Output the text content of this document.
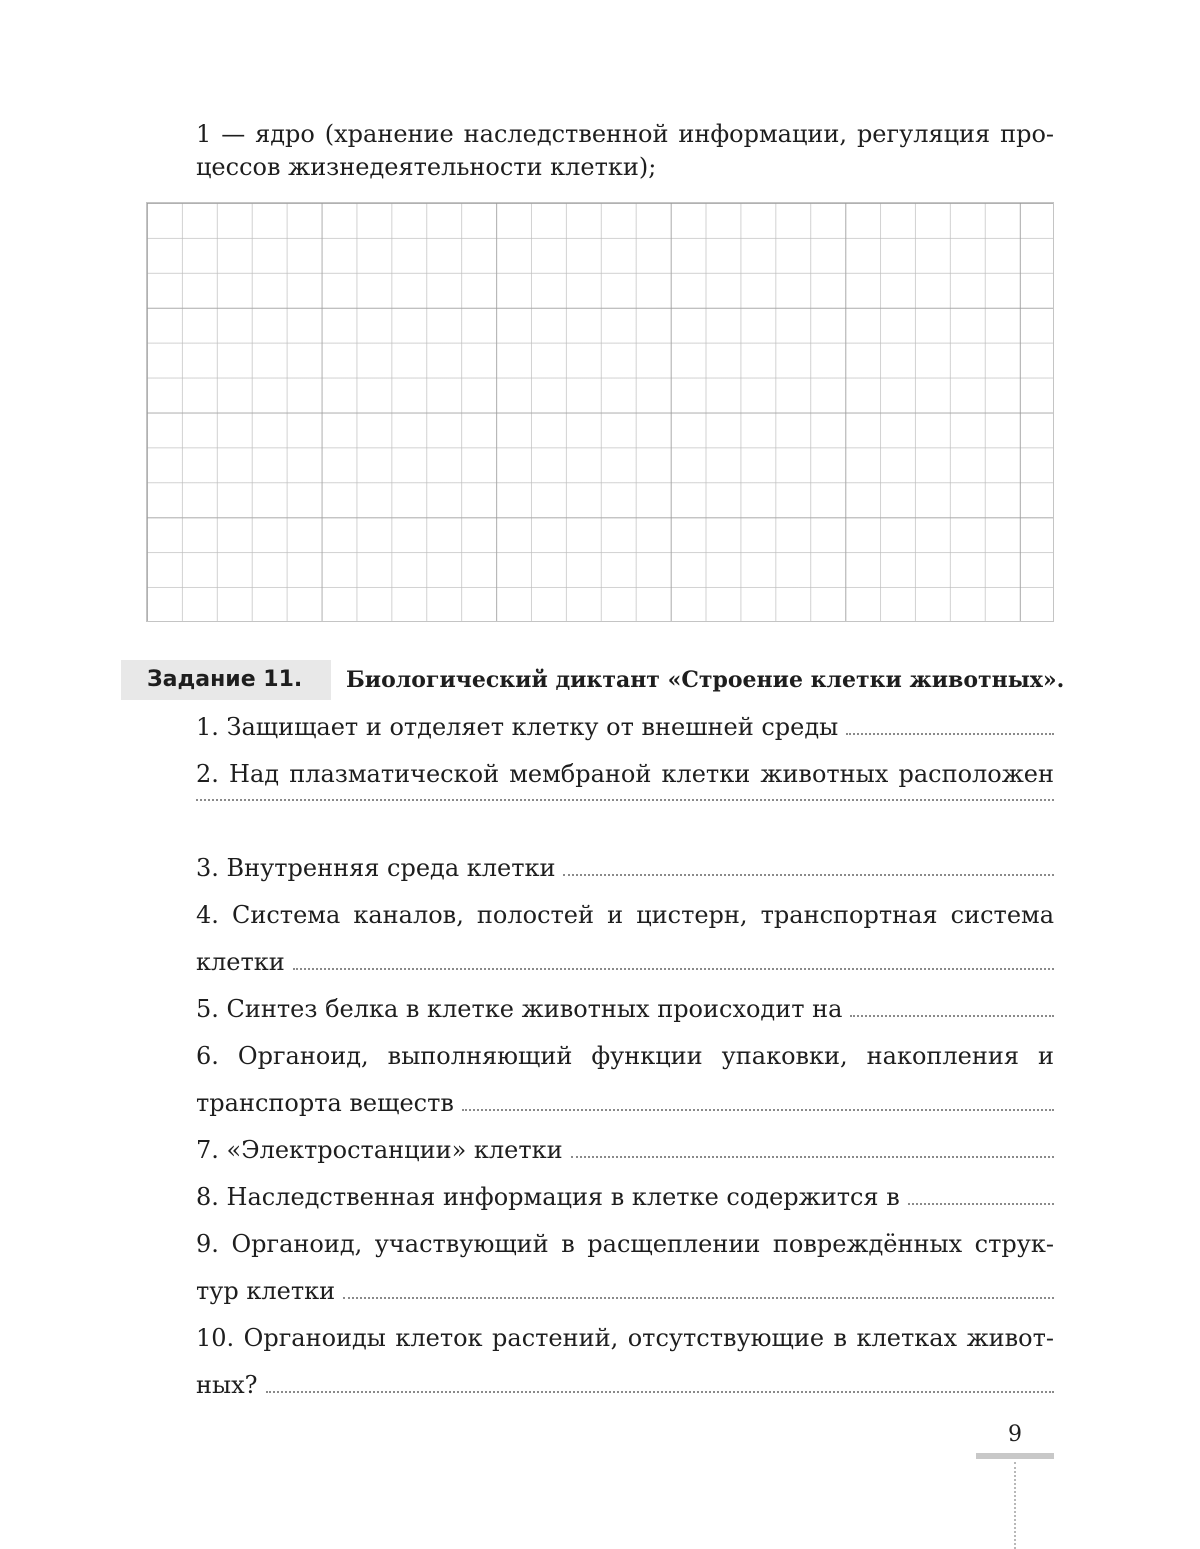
1 — ядро (хранение наследственной информации, регуляция про-
цессов жизнедеятельности клетки);
Задание 11.	Биологический диктант «Строение клетки животных».
1. Защищает и отделяет клетку от внешней среды
2. Над плазматической мембраной клетки животных расположен
3. Внутренняя среда клетки
4. Система каналов, полостей и цистерн, транспортная система
клетки
5. Синтез белка в клетке животных происходит на
6. Органоид, выполняющий функции упаковки, накопления и
транспорта веществ
7. «Электростанции» клетки
8. Наследственная информация в клетке содержится в
9. Органоид, участвующий в расщеплении повреждённых струк-
тур клетки
10. Органоиды клеток растений, отсутствующие в клетках живот-
ных?
9
